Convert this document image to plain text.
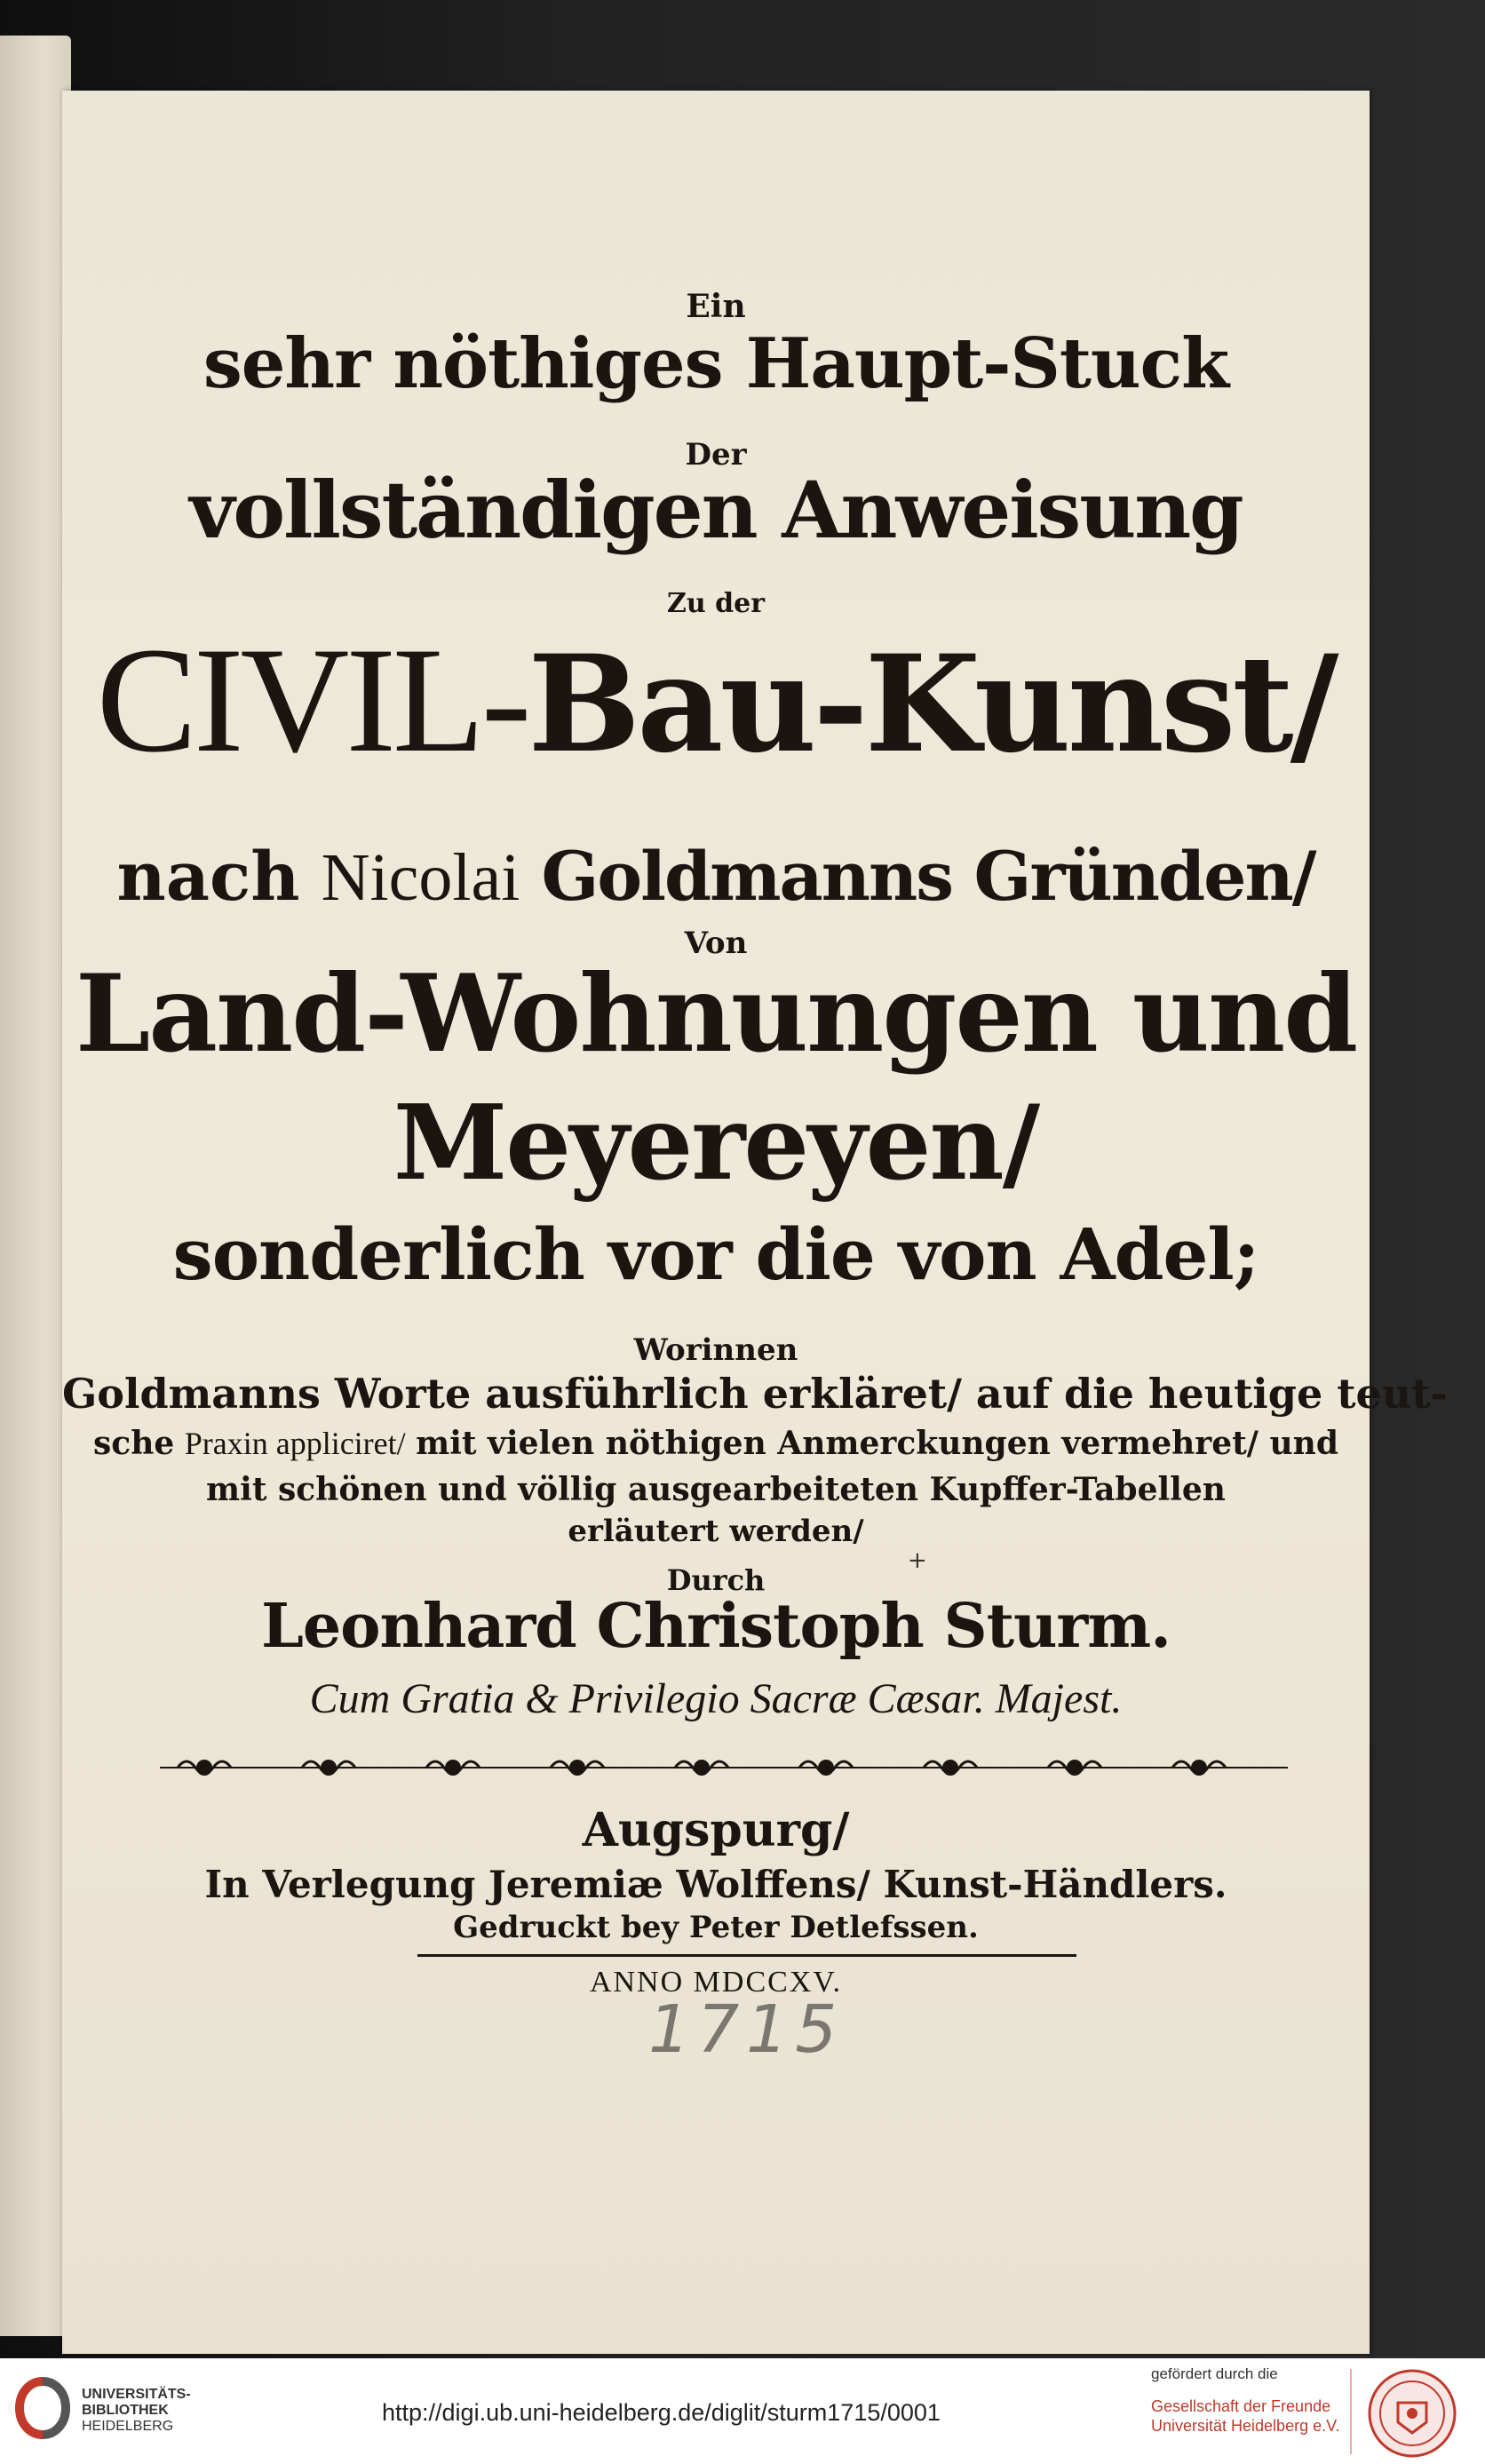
Ein
sehr nöthiges Haupt-Stuck
Der
vollständigen Anweisung
Zu der
CIVIL-Bau-Kunst/
nach Nicolai Goldmanns Gründen/
Von
Land-Wohnungen und
Meyereyen/
sonderlich vor die von Adel;
Worinnen
Goldmanns Worte ausführlich erkläret/ auf die heutige teut-
sche Praxin appliciret/ mit vielen nöthigen Anmerckungen vermehret/ und
mit schönen und völlig ausgearbeiteten Kupffer-Tabellen
erläutert werden/
Durch
+
Leonhard Christoph Sturm.
Cum Gratia & Privilegio Sacræ Cæsar. Majest.
Augspurg/
In Verlegung Jeremiæ Wolffens/ Kunst-Händlers.
Gedruckt bey Peter Detlefssen.
ANNO MDCCXV.
1715
UNIVERSITÄTS-
BIBLIOTHEK
HEIDELBERG
http://digi.ub.uni-heidelberg.de/diglit/sturm1715/0001
gefördert durch die
Gesellschaft der Freunde
Universität Heidelberg e.V.
